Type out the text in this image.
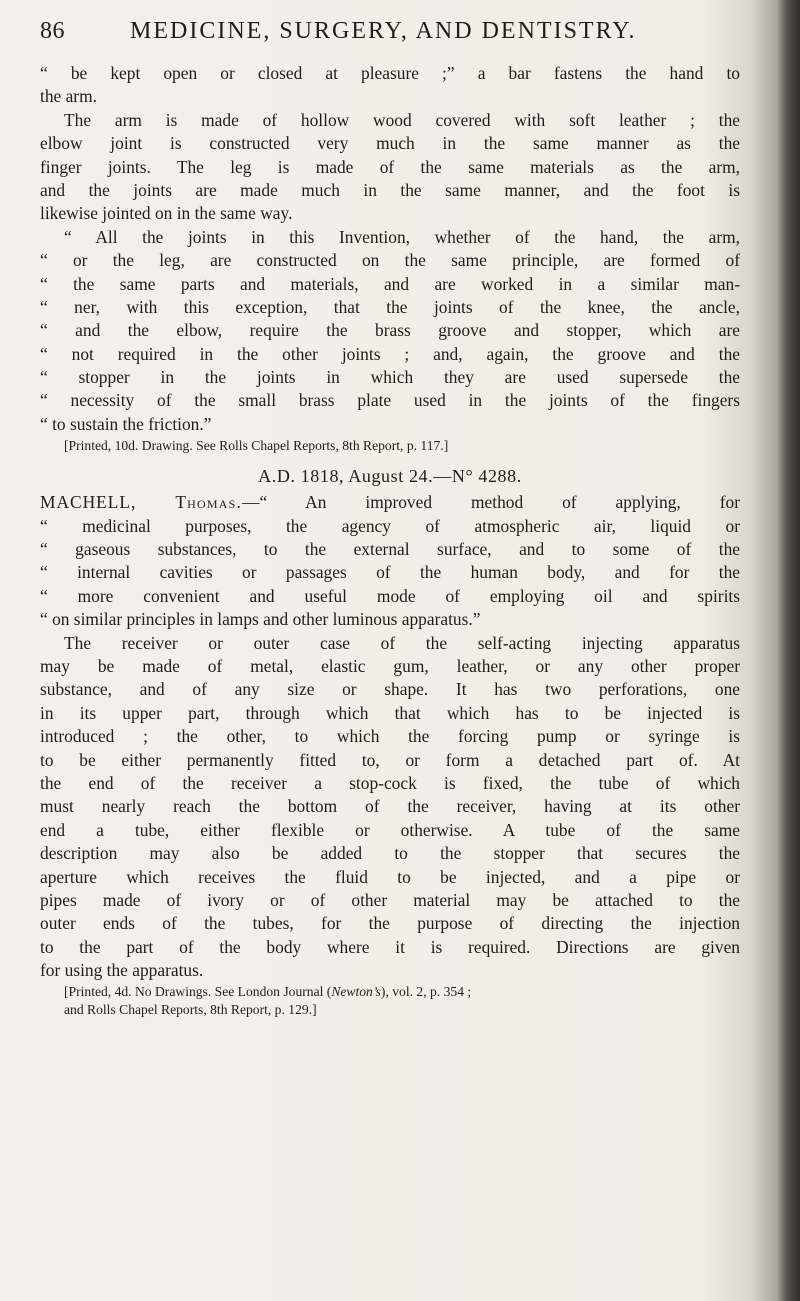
86	MEDICINE, SURGERY, AND DENTISTRY.
“ be kept open or closed at pleasure ;” a bar fastens the hand to
the arm.
The arm is made of hollow wood covered with soft leather ; the
elbow joint is constructed very much in the same manner as the
finger joints. The leg is made of the same materials as the arm,
and the joints are made much in the same manner, and the foot is
likewise jointed on in the same way.
“ All the joints in this Invention, whether of the hand, the arm,
“ or the leg, are constructed on the same principle, are formed of
“ the same parts and materials, and are worked in a similar man-
“ ner, with this exception, that the joints of the knee, the ancle,
“ and the elbow, require the brass groove and stopper, which are
“ not required in the other joints ; and, again, the groove and the
“ stopper in the joints in which they are used supersede the
“ necessity of the small brass plate used in the joints of the fingers
“ to sustain the friction.”
[Printed, 10d. Drawing. See Rolls Chapel Reports, 8th Report, p. 117.]
A.D. 1818, August 24.—N° 4288.
MACHELL, Thomas.—“ An improved method of applying, for
“ medicinal purposes, the agency of atmospheric air, liquid or
“ gaseous substances, to the external surface, and to some of the
“ internal cavities or passages of the human body, and for the
“ more convenient and useful mode of employing oil and spirits
“ on similar principles in lamps and other luminous apparatus.”
The receiver or outer case of the self-acting injecting apparatus
may be made of metal, elastic gum, leather, or any other proper
substance, and of any size or shape. It has two perforations, one
in its upper part, through which that which has to be injected is
introduced ; the other, to which the forcing pump or syringe is
to be either permanently fitted to, or form a detached part of. At
the end of the receiver a stop-cock is fixed, the tube of which
must nearly reach the bottom of the receiver, having at its other
end a tube, either flexible or otherwise. A tube of the same
description may also be added to the stopper that secures the
aperture which receives the fluid to be injected, and a pipe or
pipes made of ivory or of other material may be attached to the
outer ends of the tubes, for the purpose of directing the injection
to the part of the body where it is required. Directions are given
for using the apparatus.
[Printed, 4d. No Drawings. See London Journal (Newton’s), vol. 2, p. 354 ;
and Rolls Chapel Reports, 8th Report, p. 129.]
